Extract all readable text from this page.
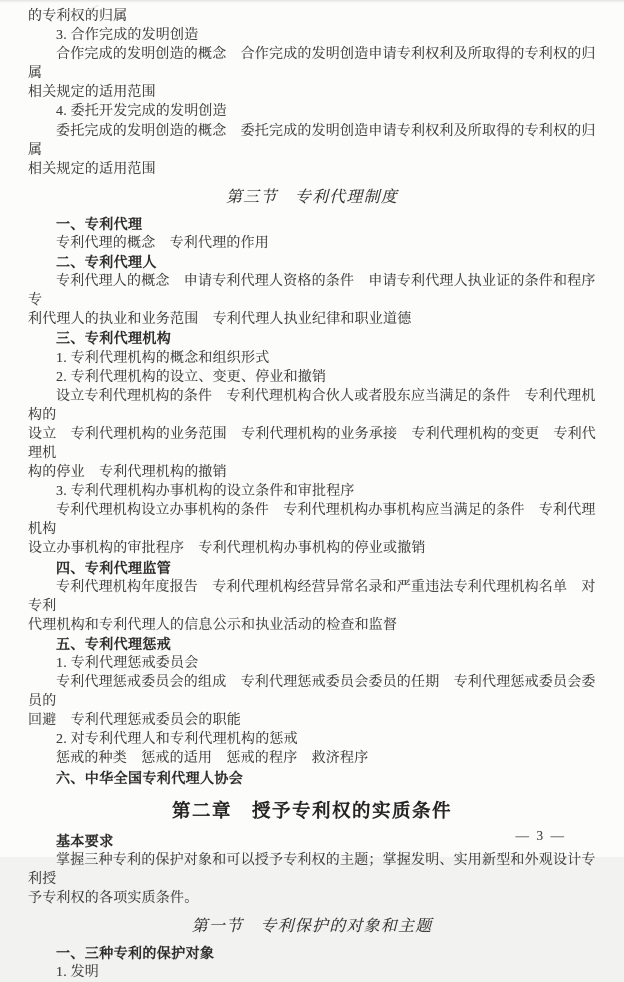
的专利权的归属

3. 合作完成的发明创造

合作完成的发明创造的概念　合作完成的发明创造申请专利权利及所取得的专利权的归属

相关规定的适用范围

4. 委托开发完成的发明创造

委托完成的发明创造的概念　委托完成的发明创造申请专利权利及所取得的专利权的归属

相关规定的适用范围

第三节　专利代理制度

一、专利代理

专利代理的概念　专利代理的作用

二、专利代理人

专利代理人的概念　申请专利代理人资格的条件　申请专利代理人执业证的条件和程序　专

利代理人的执业和业务范围　专利代理人执业纪律和职业道德

三、专利代理机构

1. 专利代理机构的概念和组织形式

2. 专利代理机构的设立、变更、停业和撤销

设立专利代理机构的条件　专利代理机构合伙人或者股东应当满足的条件　专利代理机构的

设立　专利代理机构的业务范围　专利代理机构的业务承接　专利代理机构的变更　专利代理机

构的停业　专利代理机构的撤销

3. 专利代理机构办事机构的设立条件和审批程序

专利代理机构设立办事机构的条件　专利代理机构办事机构应当满足的条件　专利代理机构

设立办事机构的审批程序　专利代理机构办事机构的停业或撤销

四、专利代理监管

专利代理机构年度报告　专利代理机构经营异常名录和严重违法专利代理机构名单　对专利

代理机构和专利代理人的信息公示和执业活动的检查和监督

五、专利代理惩戒

1. 专利代理惩戒委员会

专利代理惩戒委员会的组成　专利代理惩戒委员会委员的任期　专利代理惩戒委员会委员的

回避　专利代理惩戒委员会的职能

2. 对专利代理人和专利代理机构的惩戒

惩戒的种类　惩戒的适用　惩戒的程序　救济程序

六、中华全国专利代理人协会

第二章　授予专利权的实质条件

基本要求

掌握三种专利的保护对象和可以授予专利权的主题；掌握发明、实用新型和外观设计专利授

予专利权的各项实质条件。

第一节　专利保护的对象和主题

一、三种专利的保护对象

1. 发明

— 3 —
